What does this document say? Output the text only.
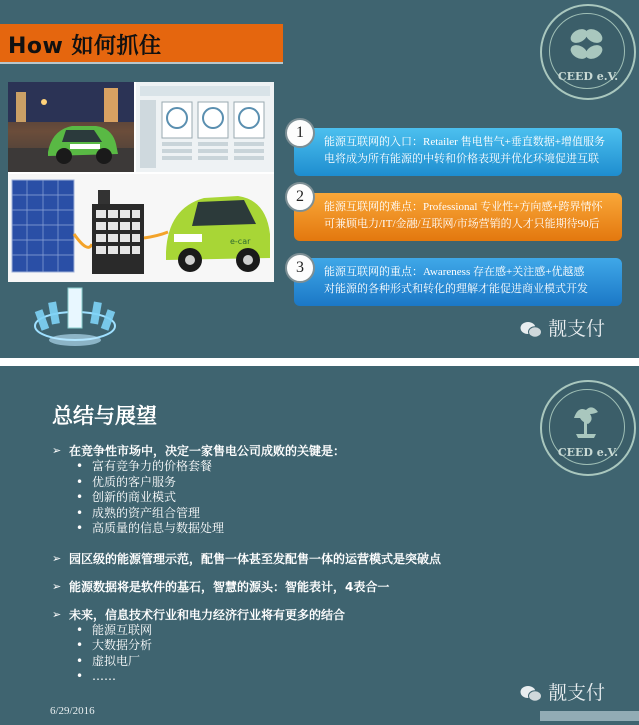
How 如何抓住
CEED e.V.
e-car
能源互联网的入口：Retailer 售电售气+垂直数据+增值服务
电将成为所有能源的中转和价格表现并优化环境促进互联
1
能源互联网的难点：Professional 专业性+方向感+跨界情怀
可兼顾电力/IT/金融/互联网/市场营销的人才只能期待90后
2
能源互联网的重点：Awareness 存在感+关注感+优越感
对能源的各种形式和转化的理解才能促进商业模式开发
3
靓支付
总结与展望
CEED e.V.
➢ 在竞争性市场中，决定一家售电公司成败的关键是：
• 富有竞争力的价格套餐
• 优质的客户服务
• 创新的商业模式
• 成熟的资产组合管理
• 高质量的信息与数据处理
➢ 园区级的能源管理示范，配售一体甚至发配售一体的运营模式是突破点
➢ 能源数据将是软件的基石，智慧的源头：智能表计，4表合一
➢ 未来，信息技术行业和电力经济行业将有更多的结合
• 能源互联网
• 大数据分析
• 虚拟电厂
• ……
靓支付
6/29/2016
